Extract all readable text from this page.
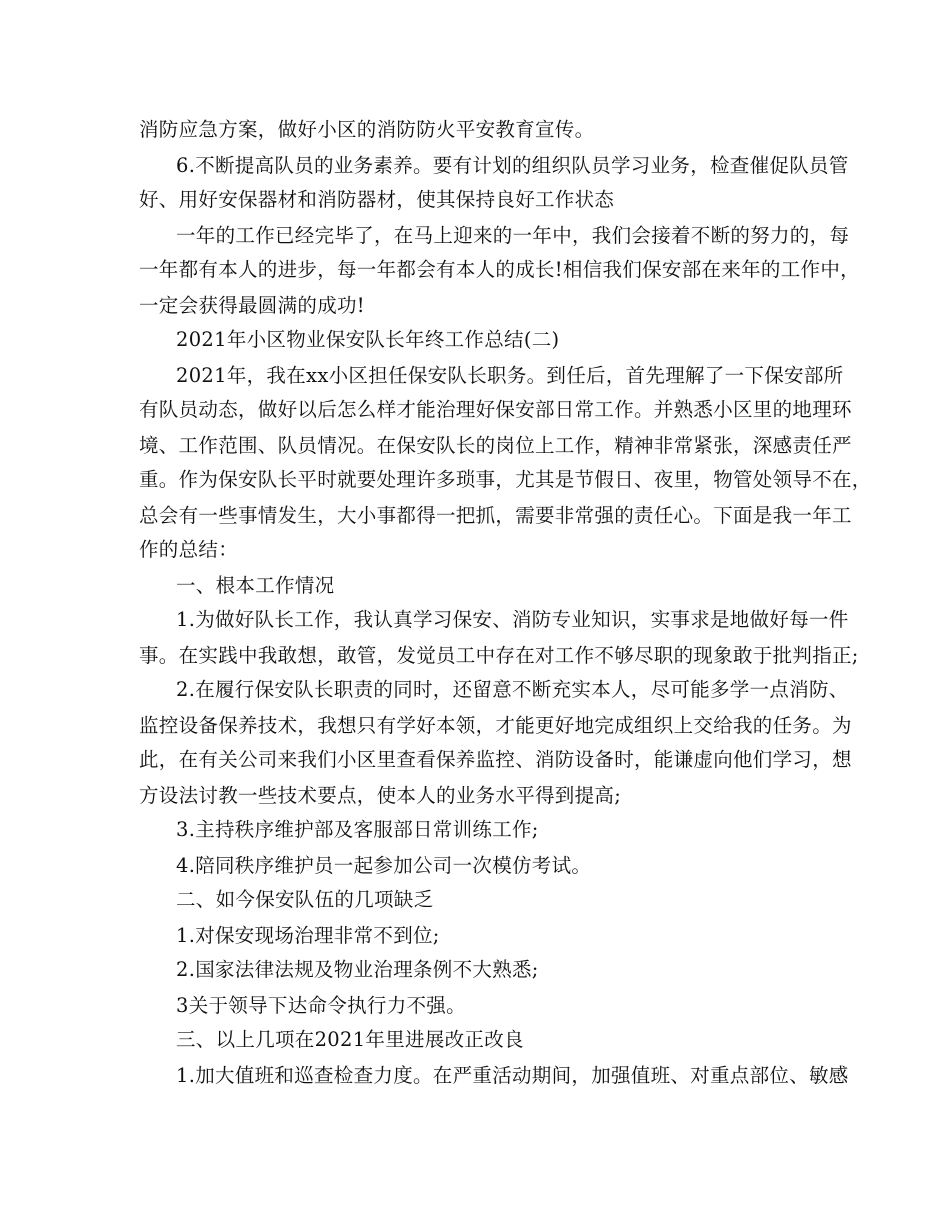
消防应急方案，做好小区的消防防火平安教育宣传。
6.不断提高队员的业务素养。要有计划的组织队员学习业务，检查催促队员管
好、用好安保器材和消防器材，使其保持良好工作状态
一年的工作已经完毕了，在马上迎来的一年中，我们会接着不断的努力的，每
一年都有本人的进步，每一年都会有本人的成长!相信我们保安部在来年的工作中，
一定会获得最圆满的成功!
2021年小区物业保安队长年终工作总结(二)
2021年，我在xx小区担任保安队长职务。到任后，首先理解了一下保安部所
有队员动态，做好以后怎么样才能治理好保安部日常工作。并熟悉小区里的地理环
境、工作范围、队员情况。在保安队长的岗位上工作，精神非常紧张，深感责任严
重。作为保安队长平时就要处理许多琐事，尤其是节假日、夜里，物管处领导不在，
总会有一些事情发生，大小事都得一把抓，需要非常强的责任心。下面是我一年工
作的总结：
一、根本工作情况
1.为做好队长工作，我认真学习保安、消防专业知识，实事求是地做好每一件
事。在实践中我敢想，敢管，发觉员工中存在对工作不够尽职的现象敢于批判指正;
2.在履行保安队长职责的同时，还留意不断充实本人，尽可能多学一点消防、
监控设备保养技术，我想只有学好本领，才能更好地完成组织上交给我的任务。为
此，在有关公司来我们小区里查看保养监控、消防设备时，能谦虚向他们学习，想
方设法讨教一些技术要点，使本人的业务水平得到提高;
3.主持秩序维护部及客服部日常训练工作;
4.陪同秩序维护员一起参加公司一次模仿考试。
二、如今保安队伍的几项缺乏
1.对保安现场治理非常不到位;
2.国家法律法规及物业治理条例不大熟悉;
3关于领导下达命令执行力不强。
三、以上几项在2021年里进展改正改良
1.加大值班和巡查检查力度。在严重活动期间，加强值班、对重点部位、敏感
